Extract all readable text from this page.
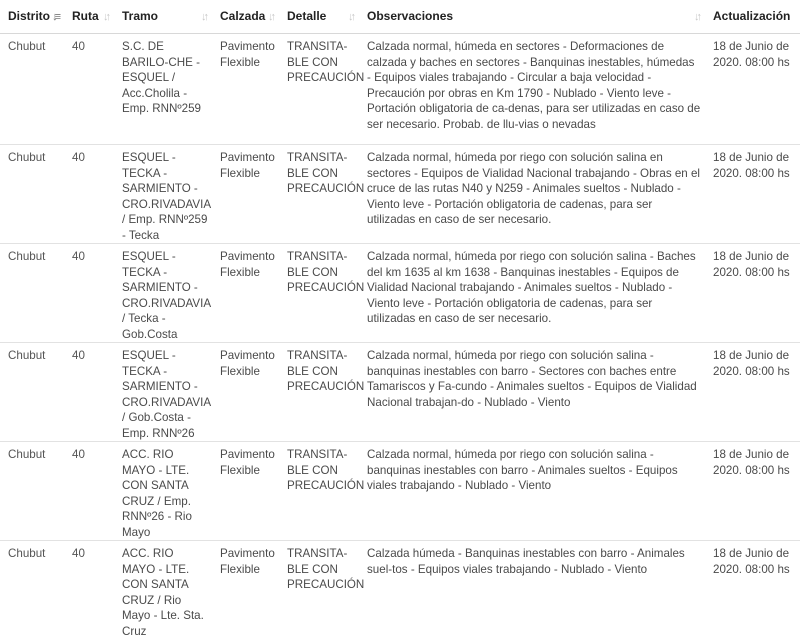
Distrito ↓≡	Ruta ↓↑	Tramo ↓↑	Calzada ↓↑	Detalle ↓↑	Observaciones ↓↑	Actualización
Chubut	40	S.C. DE BARILO-CHE - ESQUEL / Acc.Cholila - Emp. RNNº259	Pavimento Flexible	TRANSITA-BLE CON PRECAUCIÓN	Calzada normal, húmeda en sectores - Deformaciones de calzada y baches en sectores - Banquinas inestables, húmedas - Equipos viales trabajando - Circular a baja velocidad - Precaución por obras en Km 1790 - Nublado - Viento leve - Portación obligatoria de ca-denas, para ser utilizadas en caso de ser necesario. Probab. de llu-vias o nevadas	18 de Junio de 2020. 08:00 hs
Chubut	40	ESQUEL - TECKA - SARMIENTO - CRO.RIVADAVIA / Emp. RNNº259 - Tecka	Pavimento Flexible	TRANSITA-BLE CON PRECAUCIÓN	Calzada normal, húmeda por riego con solución salina en sectores - Equipos de Vialidad Nacional trabajando - Obras en el cruce de las rutas N40 y N259 - Animales sueltos - Nublado - Viento leve - Portación obligatoria de cadenas, para ser utilizadas en caso de ser necesario.	18 de Junio de 2020. 08:00 hs
Chubut	40	ESQUEL - TECKA - SARMIENTO - CRO.RIVADAVIA / Tecka - Gob.Costa	Pavimento Flexible	TRANSITA-BLE CON PRECAUCIÓN	Calzada normal, húmeda por riego con solución salina - Baches del km 1635 al km 1638 - Banquinas inestables - Equipos de Vialidad Nacional trabajando - Animales sueltos - Nublado - Viento leve - Portación obligatoria de cadenas, para ser utilizadas en caso de ser necesario.	18 de Junio de 2020. 08:00 hs
Chubut	40	ESQUEL - TECKA - SARMIENTO - CRO.RIVADAVIA / Gob.Costa - Emp. RNNº26	Pavimento Flexible	TRANSITA-BLE CON PRECAUCIÓN	Calzada normal, húmeda por riego con solución salina - banquinas inestables con barro - Sectores con baches entre Tamariscos y Fa-cundo - Animales sueltos - Equipos de Vialidad Nacional trabajan-do - Nublado - Viento	18 de Junio de 2020. 08:00 hs
Chubut	40	ACC. RIO MAYO - LTE. CON SANTA CRUZ / Emp. RNNº26 - Rio Mayo	Pavimento Flexible	TRANSITA-BLE CON PRECAUCIÓN	Calzada normal, húmeda por riego con solución salina - banquinas inestables con barro - Animales sueltos - Equipos viales trabajando - Nublado - Viento	18 de Junio de 2020. 08:00 hs
Chubut	40	ACC. RIO MAYO - LTE. CON SANTA CRUZ / Rio Mayo - Lte. Sta. Cruz	Pavimento Flexible	TRANSITA-BLE CON PRECAUCIÓN	Calzada húmeda - Banquinas inestables con barro - Animales suel-tos - Equipos viales trabajando - Nublado - Viento	18 de Junio de 2020. 08:00 hs
